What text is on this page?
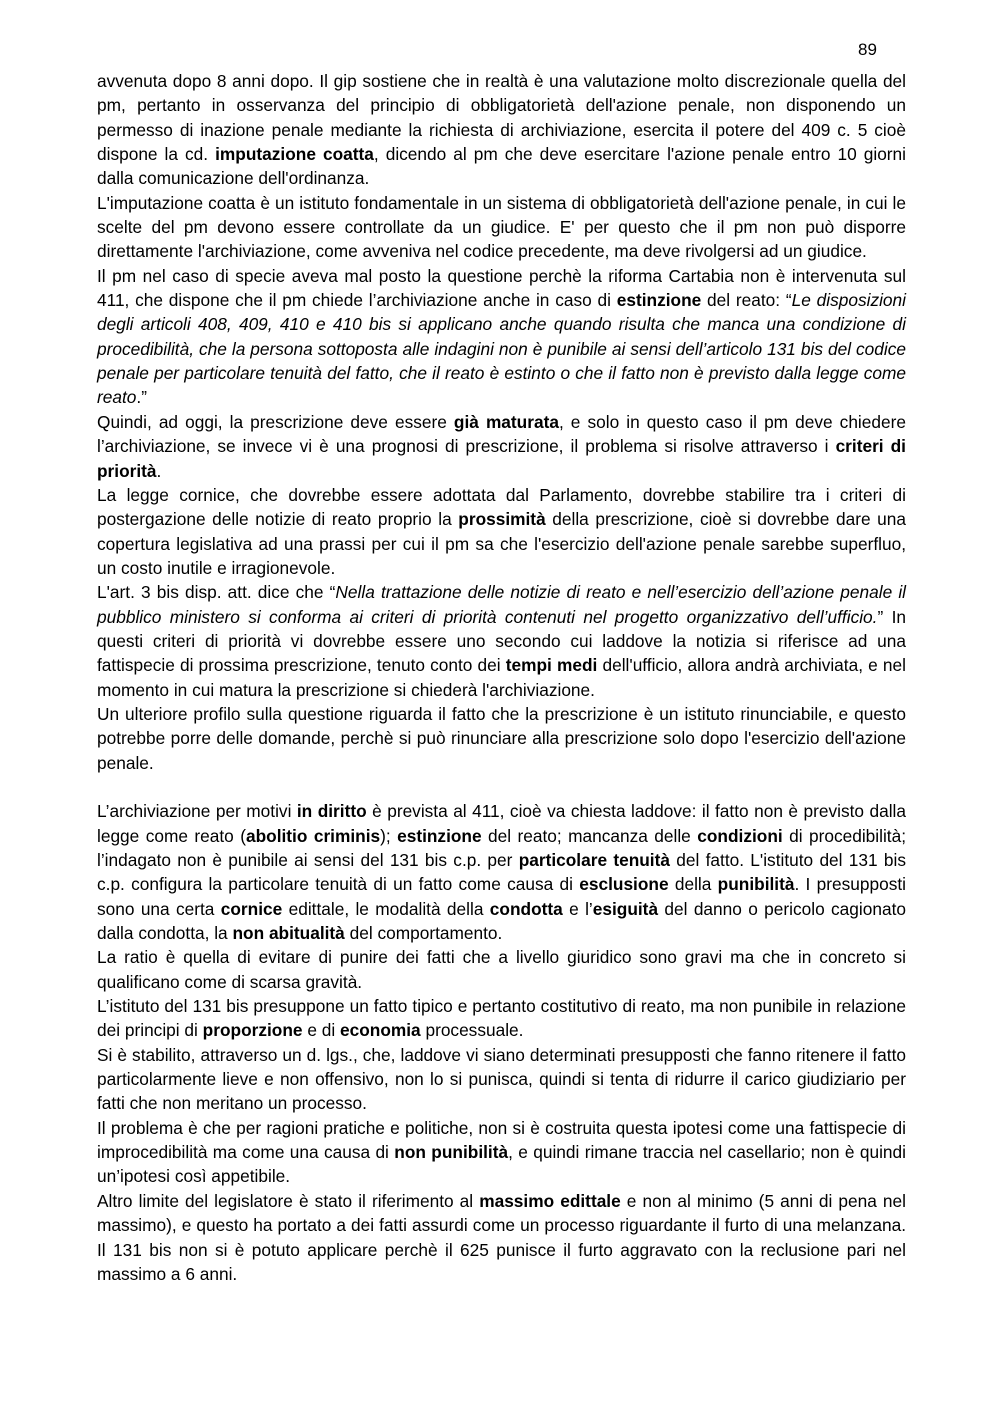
89

avvenuta dopo 8 anni dopo. Il gip sostiene che in realtà è una valutazione molto discrezionale quella del pm, pertanto in osservanza del principio di obbligatorietà dell'azione penale, non disponendo un permesso di inazione penale mediante la richiesta di archiviazione, esercita il potere del 409 c. 5 cioè dispone la cd. imputazione coatta, dicendo al pm che deve esercitare l'azione penale entro 10 giorni dalla comunicazione dell'ordinanza.

L'imputazione coatta è un istituto fondamentale in un sistema di obbligatorietà dell'azione penale, in cui le scelte del pm devono essere controllate da un giudice. E' per questo che il pm non può disporre direttamente l'archiviazione, come avveniva nel codice precedente, ma deve rivolgersi ad un giudice.

Il pm nel caso di specie aveva mal posto la questione perchè la riforma Cartabia non è intervenuta sul 411, che dispone che il pm chiede l’archiviazione anche in caso di estinzione del reato: “Le disposizioni degli articoli 408, 409, 410 e 410 bis si applicano anche quando risulta che manca una condizione di procedibilità, che la persona sottoposta alle indagini non è punibile ai sensi dell’articolo 131 bis del codice penale per particolare tenuità del fatto, che il reato è estinto o che il fatto non è previsto dalla legge come reato.”

Quindi, ad oggi, la prescrizione deve essere già maturata, e solo in questo caso il pm deve chiedere l’archiviazione, se invece vi è una prognosi di prescrizione, il problema si risolve attraverso i criteri di priorità.

La legge cornice, che dovrebbe essere adottata dal Parlamento, dovrebbe stabilire tra i criteri di postergazione delle notizie di reato proprio la prossimità della prescrizione, cioè si dovrebbe dare una copertura legislativa ad una prassi per cui il pm sa che l'esercizio dell'azione penale sarebbe superfluo, un costo inutile e irragionevole.

L'art. 3 bis disp. att. dice che “Nella trattazione delle notizie di reato e nell’esercizio dell’azione penale il pubblico ministero si conforma ai criteri di priorità contenuti nel progetto organizzativo dell’ufficio.” In questi criteri di priorità vi dovrebbe essere uno secondo cui laddove la notizia si riferisce ad una fattispecie di prossima prescrizione, tenuto conto dei tempi medi dell'ufficio, allora andrà archiviata, e nel momento in cui matura la prescrizione si chiederà l'archiviazione.

Un ulteriore profilo sulla questione riguarda il fatto che la prescrizione è un istituto rinunciabile, e questo potrebbe porre delle domande, perchè si può rinunciare alla prescrizione solo dopo l'esercizio dell'azione penale.

L’archiviazione per motivi in diritto è prevista al 411, cioè va chiesta laddove: il fatto non è previsto dalla legge come reato (abolitio criminis); estinzione del reato; mancanza delle condizioni di procedibilità; l’indagato non è punibile ai sensi del 131 bis c.p. per particolare tenuità del fatto. L'istituto del 131 bis c.p. configura la particolare tenuità di un fatto come causa di esclusione della punibilità. I presupposti sono una certa cornice edittale, le modalità della condotta e l’esiguità del danno o pericolo cagionato dalla condotta, la non abitualità del comportamento.

La ratio è quella di evitare di punire dei fatti che a livello giuridico sono gravi ma che in concreto si qualificano come di scarsa gravità.

L’istituto del 131 bis presuppone un fatto tipico e pertanto costitutivo di reato, ma non punibile in relazione dei principi di proporzione e di economia processuale.

Si è stabilito, attraverso un d. lgs., che, laddove vi siano determinati presupposti che fanno ritenere il fatto particolarmente lieve e non offensivo, non lo si punisca, quindi si tenta di ridurre il carico giudiziario per fatti che non meritano un processo.

Il problema è che per ragioni pratiche e politiche, non si è costruita questa ipotesi come una fattispecie di improcedibilità ma come una causa di non punibilità, e quindi rimane traccia nel casellario; non è quindi un’ipotesi così appetibile.

Altro limite del legislatore è stato il riferimento al massimo edittale e non al minimo (5 anni di pena nel massimo), e questo ha portato a dei fatti assurdi come un processo riguardante il furto di una melanzana. Il 131 bis non si è potuto applicare perchè il 625 punisce il furto aggravato con la reclusione pari nel massimo a 6 anni.
